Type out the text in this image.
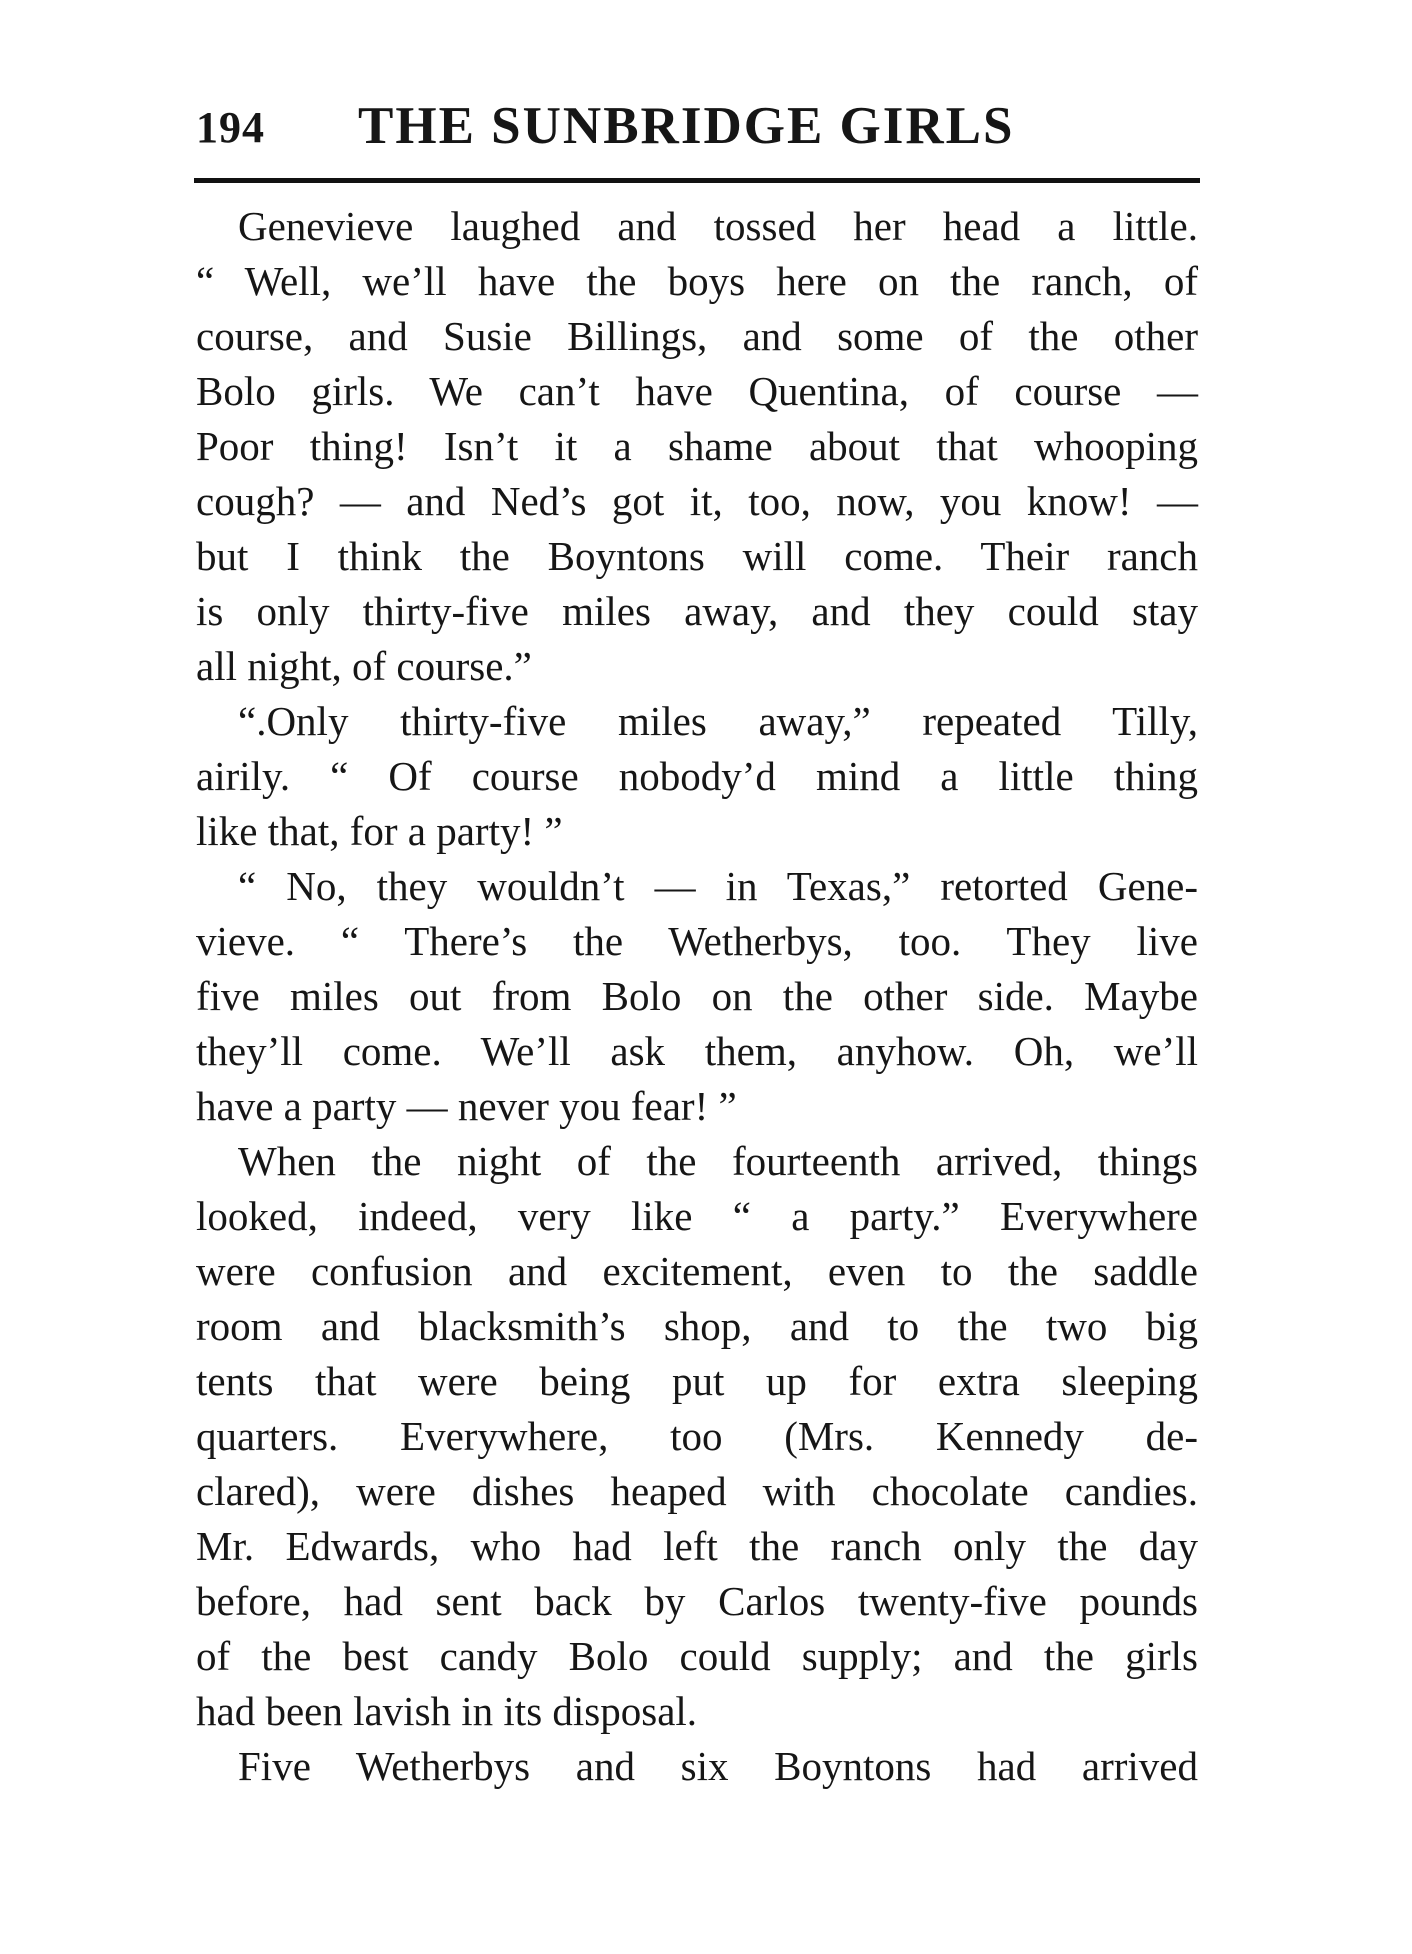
194 THE SUNBRIDGE GIRLS
Genevieve laughed and tossed her head a little.
“ Well, we’ll have the boys here on the ranch, of
course, and Susie Billings, and some of the other
Bolo girls. We can’t have Quentina, of course —
Poor thing! Isn’t it a shame about that whooping
cough? — and Ned’s got it, too, now, you know! —
but I think the Boyntons will come. Their ranch
is only thirty-five miles away, and they could stay
all night, of course.”
“.Only thirty-five miles away,” repeated Tilly,
airily. “ Of course nobody’d mind a little thing
like that, for a party! ”
“ No, they wouldn’t — in Texas,” retorted Gene-
vieve. “ There’s the Wetherbys, too. They live
five miles out from Bolo on the other side. Maybe
they’ll come. We’ll ask them, anyhow. Oh, we’ll
have a party — never you fear! ”
When the night of the fourteenth arrived, things
looked, indeed, very like “ a party.” Everywhere
were confusion and excitement, even to the saddle
room and blacksmith’s shop, and to the two big
tents that were being put up for extra sleeping
quarters. Everywhere, too (Mrs. Kennedy de-
clared), were dishes heaped with chocolate candies.
Mr. Edwards, who had left the ranch only the day
before, had sent back by Carlos twenty-five pounds
of the best candy Bolo could supply; and the girls
had been lavish in its disposal.
Five Wetherbys and six Boyntons had arrived
